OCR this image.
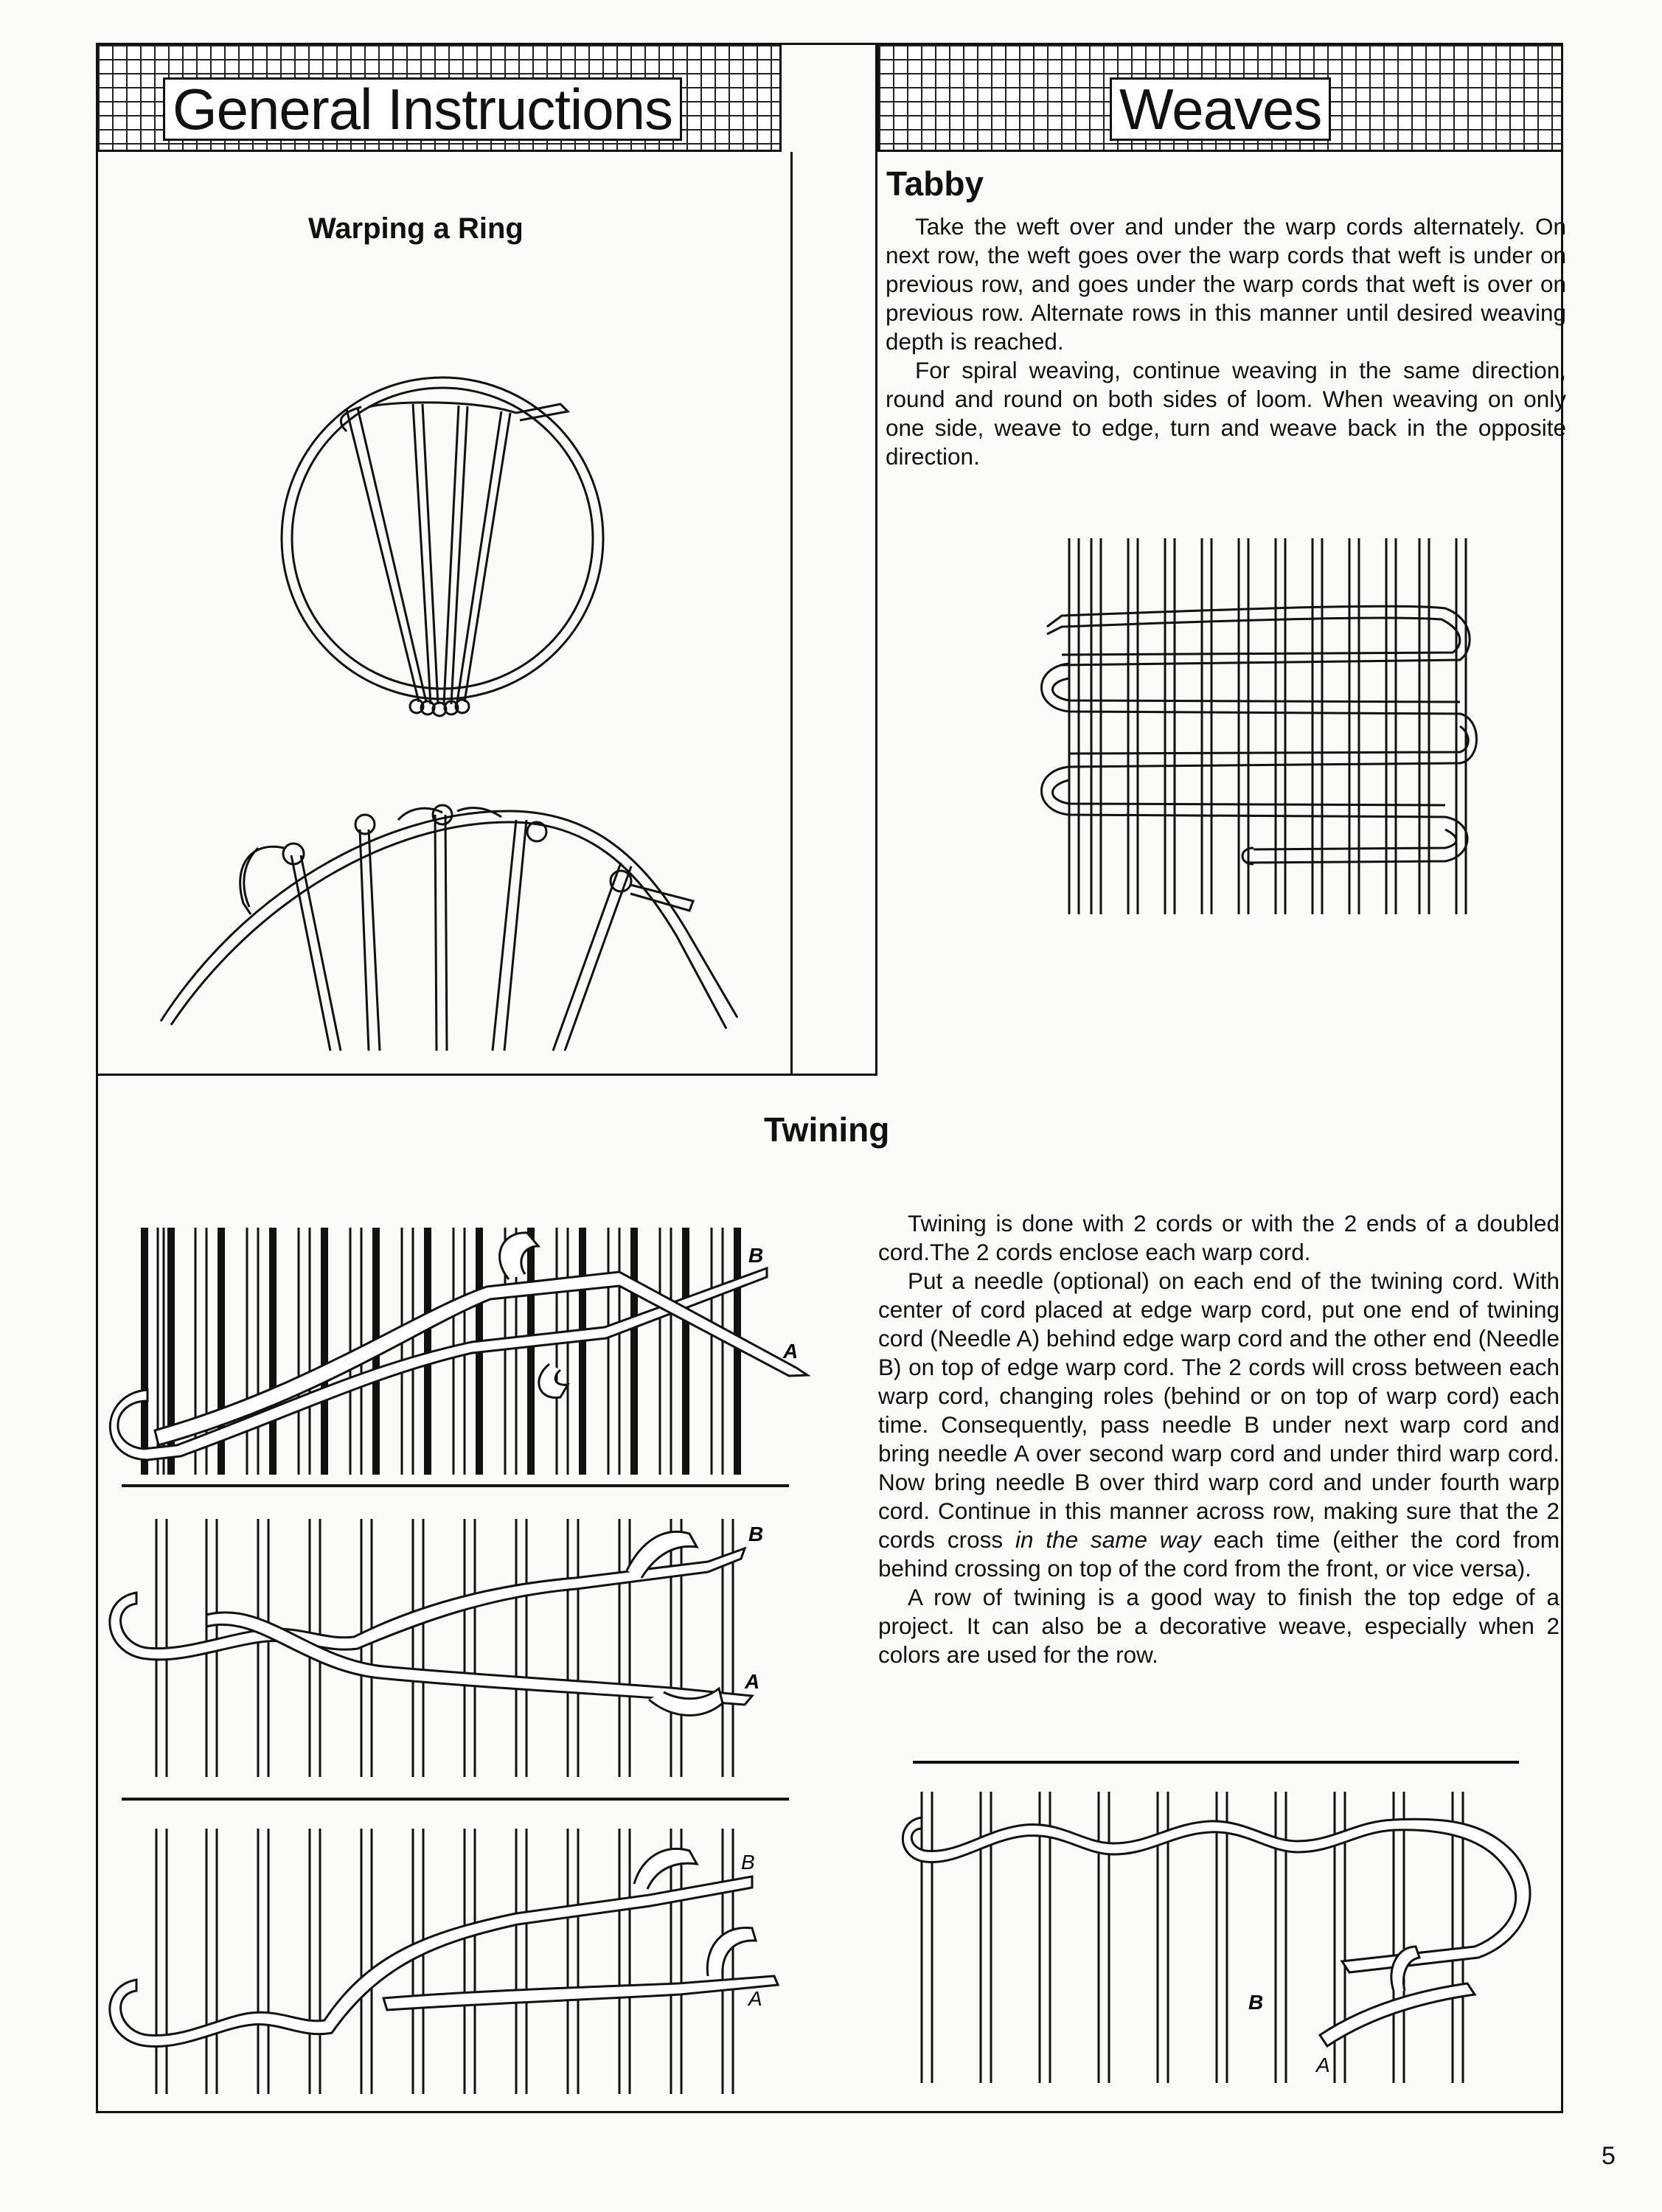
General Instructions	Weaves
Warping a Ring
Tabby

Take the weft over and under the warp cords alternately. On next row, the weft goes over the warp cords that weft is under on previous row, and goes under the warp cords that weft is over on previous row. Alternate rows in this manner until desired weaving depth is reached.

For spiral weaving, continue weaving in the same direction, round and round on both sides of loom. When weaving on only one side, weave to edge, turn and weave back in the opposite direction.

Twining

Twining is done with 2 cords or with the 2 ends of a doubled cord.The 2 cords enclose each warp cord.

Put a needle (optional) on each end of the twining cord. With center of cord placed at edge warp cord, put one end of twining cord (Needle A) behind edge warp cord and the other end (Needle B) on top of edge warp cord. The 2 cords will cross between each warp cord, changing roles (behind or on top of warp cord) each time. Consequently, pass needle B under next warp cord and bring needle A over second warp cord and under third warp cord. Now bring needle B over third warp cord and under fourth warp cord. Continue in this manner across row, making sure that the 2 cords cross in the same way each time (either the cord from behind crossing on top of the cord from the front, or vice versa).

A row of twining is a good way to finish the top edge of a project. It can also be a decorative weave, especially when 2 colors are used for the row.

B
A
B
A
B
A	B
A
5
